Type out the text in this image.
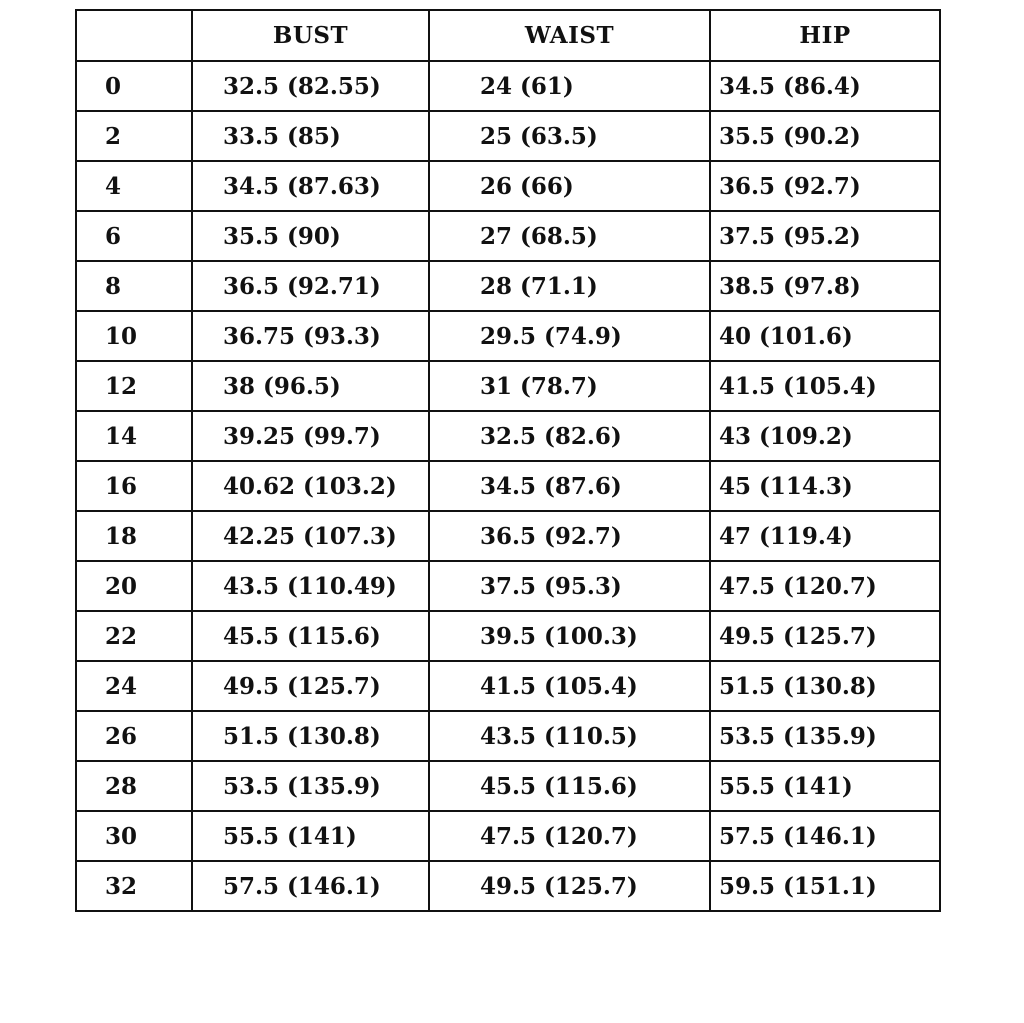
	BUST	WAIST	HIP
0	32.5 (82.55)	24 (61)	34.5 (86.4)
2	33.5 (85)	25 (63.5)	35.5 (90.2)
4	34.5 (87.63)	26 (66)	36.5 (92.7)
6	35.5 (90)	27 (68.5)	37.5 (95.2)
8	36.5 (92.71)	28 (71.1)	38.5 (97.8)
10	36.75 (93.3)	29.5 (74.9)	40 (101.6)
12	38 (96.5)	31 (78.7)	41.5 (105.4)
14	39.25 (99.7)	32.5 (82.6)	43 (109.2)
16	40.62 (103.2)	34.5 (87.6)	45 (114.3)
18	42.25 (107.3)	36.5 (92.7)	47 (119.4)
20	43.5 (110.49)	37.5 (95.3)	47.5 (120.7)
22	45.5 (115.6)	39.5 (100.3)	49.5 (125.7)
24	49.5 (125.7)	41.5 (105.4)	51.5 (130.8)
26	51.5 (130.8)	43.5 (110.5)	53.5 (135.9)
28	53.5 (135.9)	45.5 (115.6)	55.5 (141)
30	55.5 (141)	47.5 (120.7)	57.5 (146.1)
32	57.5 (146.1)	49.5 (125.7)	59.5 (151.1)
